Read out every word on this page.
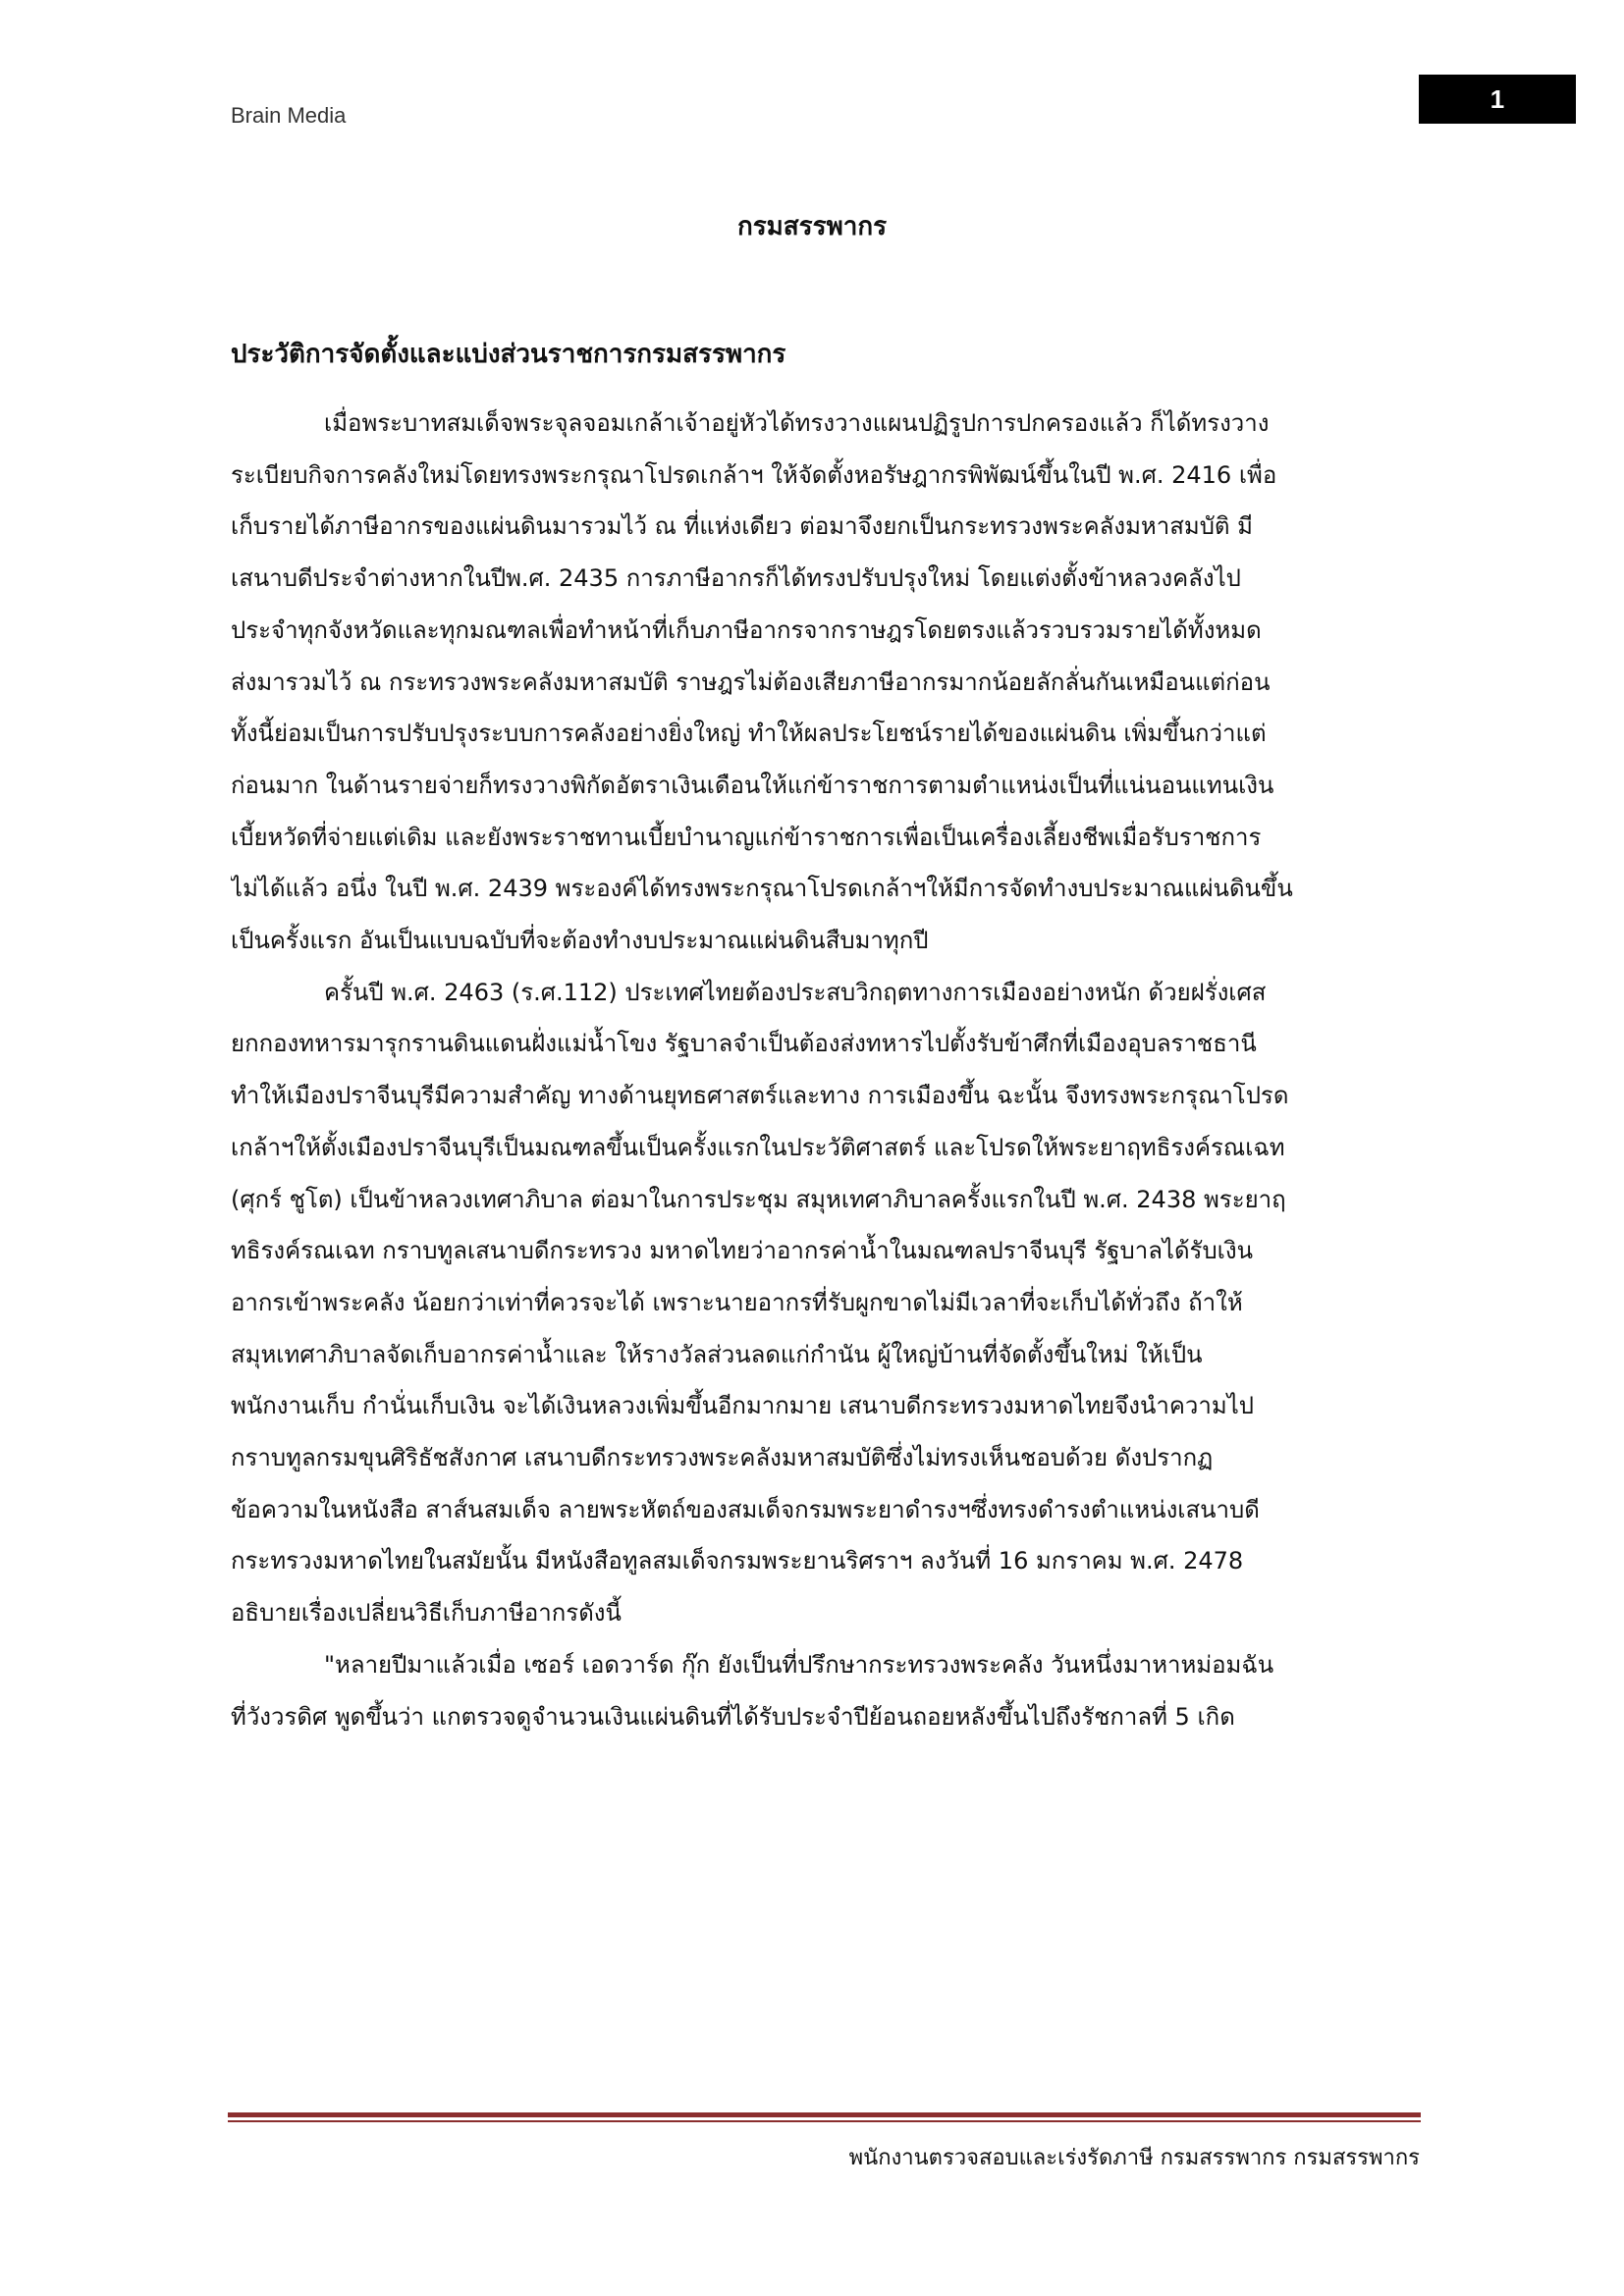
Brain Media
1
กรมสรรพากร
ประวัติการจัดตั้งและแบ่งส่วนราชการกรมสรรพากร
เมื่อพระบาทสมเด็จพระจุลจอมเกล้าเจ้าอยู่หัวได้ทรงวางแผนปฏิรูปการปกครองแล้ว ก็ได้ทรงวาง
ระเบียบกิจการคลังใหม่โดยทรงพระกรุณาโปรดเกล้าฯ ให้จัดตั้งหอรัษฎากรพิพัฒน์ขึ้นในปี พ.ศ. 2416 เพื่อ
เก็บรายได้ภาษีอากรของแผ่นดินมารวมไว้ ณ ที่แห่งเดียว ต่อมาจึงยกเป็นกระทรวงพระคลังมหาสมบัติ มี
เสนาบดีประจำต่างหากในปีพ.ศ. 2435 การภาษีอากรก็ได้ทรงปรับปรุงใหม่ โดยแต่งตั้งข้าหลวงคลังไป
ประจำทุกจังหวัดและทุกมณฑลเพื่อทำหน้าที่เก็บภาษีอากรจากราษฎรโดยตรงแล้วรวบรวมรายได้ทั้งหมด
ส่งมารวมไว้ ณ กระทรวงพระคลังมหาสมบัติ ราษฎรไม่ต้องเสียภาษีอากรมากน้อยลักลั่นกันเหมือนแต่ก่อน
ทั้งนี้ย่อมเป็นการปรับปรุงระบบการคลังอย่างยิ่งใหญ่ ทำให้ผลประโยชน์รายได้ของแผ่นดิน เพิ่มขึ้นกว่าแต่
ก่อนมาก ในด้านรายจ่ายก็ทรงวางพิกัดอัตราเงินเดือนให้แก่ข้าราชการตามตำแหน่งเป็นที่แน่นอนแทนเงิน
เบี้ยหวัดที่จ่ายแต่เดิม และยังพระราชทานเบี้ยบำนาญแก่ข้าราชการเพื่อเป็นเครื่องเลี้ยงชีพเมื่อรับราชการ
ไม่ได้แล้ว อนึ่ง ในปี พ.ศ. 2439 พระองค์ได้ทรงพระกรุณาโปรดเกล้าฯให้มีการจัดทำงบประมาณแผ่นดินขึ้น
เป็นครั้งแรก อันเป็นแบบฉบับที่จะต้องทำงบประมาณแผ่นดินสืบมาทุกปี
ครั้นปี พ.ศ. 2463 (ร.ศ.112) ประเทศไทยต้องประสบวิกฤตทางการเมืองอย่างหนัก ด้วยฝรั่งเศส
ยกกองทหารมารุกรานดินแดนฝั่งแม่น้ำโขง รัฐบาลจำเป็นต้องส่งทหารไปตั้งรับข้าศึกที่เมืองอุบลราชธานี
ทำให้เมืองปราจีนบุรีมีความสำคัญ ทางด้านยุทธศาสตร์และทาง การเมืองขึ้น ฉะนั้น จึงทรงพระกรุณาโปรด
เกล้าฯให้ตั้งเมืองปราจีนบุรีเป็นมณฑลขึ้นเป็นครั้งแรกในประวัติศาสตร์ และโปรดให้พระยาฤทธิรงค์รณเฉท
(ศุกร์ ชูโต) เป็นข้าหลวงเทศาภิบาล ต่อมาในการประชุม สมุหเทศาภิบาลครั้งแรกในปี พ.ศ. 2438 พระยาฤ
ทธิรงค์รณเฉท กราบทูลเสนาบดีกระทรวง มหาดไทยว่าอากรค่าน้ำในมณฑลปราจีนบุรี รัฐบาลได้รับเงิน
อากรเข้าพระคลัง น้อยกว่าเท่าที่ควรจะได้ เพราะนายอากรที่รับผูกขาดไม่มีเวลาที่จะเก็บได้ทั่วถึง ถ้าให้
สมุหเทศาภิบาลจัดเก็บอากรค่าน้ำและ ให้รางวัลส่วนลดแก่กำนัน ผู้ใหญ่บ้านที่จัดตั้งขึ้นใหม่ ให้เป็น
พนักงานเก็บ กำนั่นเก็บเงิน จะได้เงินหลวงเพิ่มขึ้นอีกมากมาย เสนาบดีกระทรวงมหาดไทยจึงนำความไป
กราบทูลกรมขุนศิริธัชสังกาศ เสนาบดีกระทรวงพระคลังมหาสมบัติซึ่งไม่ทรงเห็นชอบด้วย ดังปรากฏ
ข้อความในหนังสือ สาส์นสมเด็จ ลายพระหัตถ์ของสมเด็จกรมพระยาดำรงฯซึ่งทรงดำรงตำแหน่งเสนาบดี
กระทรวงมหาดไทยในสมัยนั้น มีหนังสือทูลสมเด็จกรมพระยานริศราฯ ลงวันที่ 16 มกราคม พ.ศ. 2478
อธิบายเรื่องเปลี่ยนวิธีเก็บภาษีอากรดังนี้
"หลายปีมาแล้วเมื่อ เซอร์ เอดวาร์ด กุ๊ก ยังเป็นที่ปรึกษากระทรวงพระคลัง วันหนึ่งมาหาหม่อมฉัน
ที่วังวรดิศ พูดขึ้นว่า แกตรวจดูจำนวนเงินแผ่นดินที่ได้รับประจำปีย้อนถอยหลังขึ้นไปถึงรัชกาลที่ 5 เกิด
พนักงานตรวจสอบและเร่งรัดภาษี กรมสรรพากร กรมสรรพากร
